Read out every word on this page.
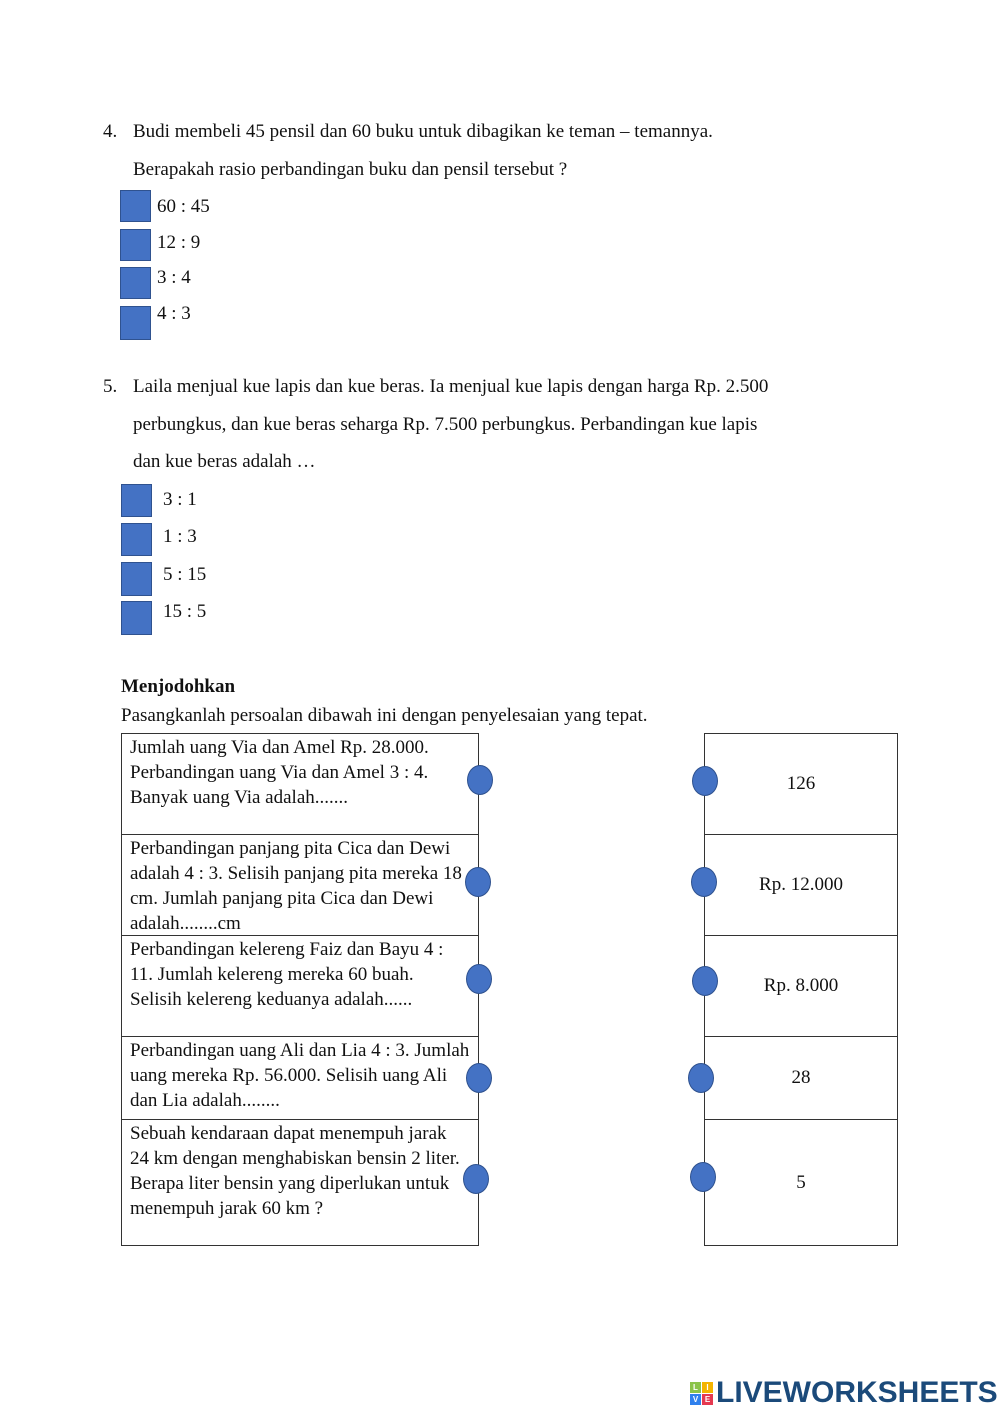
4. Budi membeli 45 pensil dan 60 buku untuk dibagikan ke teman – temannya.
Berapakah rasio perbandingan buku dan pensil tersebut ?
60 : 45
12 : 9
3 : 4
4 : 3
5. Laila menjual kue lapis dan kue beras. Ia menjual kue lapis dengan harga Rp. 2.500
perbungkus, dan kue beras seharga Rp. 7.500 perbungkus. Perbandingan kue lapis
dan kue beras adalah …
3 : 1
1 : 3
5 : 15
15 : 5
Menjodohkan
Pasangkanlah persoalan dibawah ini dengan penyelesaian yang tepat.
Jumlah uang Via dan Amel Rp. 28.000. Perbandingan uang Via dan Amel 3 : 4. Banyak uang Via adalah.......
Perbandingan panjang pita Cica dan Dewi adalah 4 : 3. Selisih panjang pita mereka 18 cm. Jumlah panjang pita Cica dan Dewi adalah........cm
Perbandingan kelereng Faiz dan Bayu 4 : 11. Jumlah kelereng mereka 60 buah. Selisih kelereng keduanya adalah......
Perbandingan uang Ali dan Lia 4 : 3. Jumlah uang mereka Rp. 56.000. Selisih uang Ali dan Lia adalah........
Sebuah kendaraan dapat menempuh jarak 24 km dengan menghabiskan bensin 2 liter. Berapa liter bensin yang diperlukan untuk menempuh jarak 60 km ?
126
Rp. 12.000
Rp. 8.000
28
5
L	I
V E LIVEWORKSHEETS
